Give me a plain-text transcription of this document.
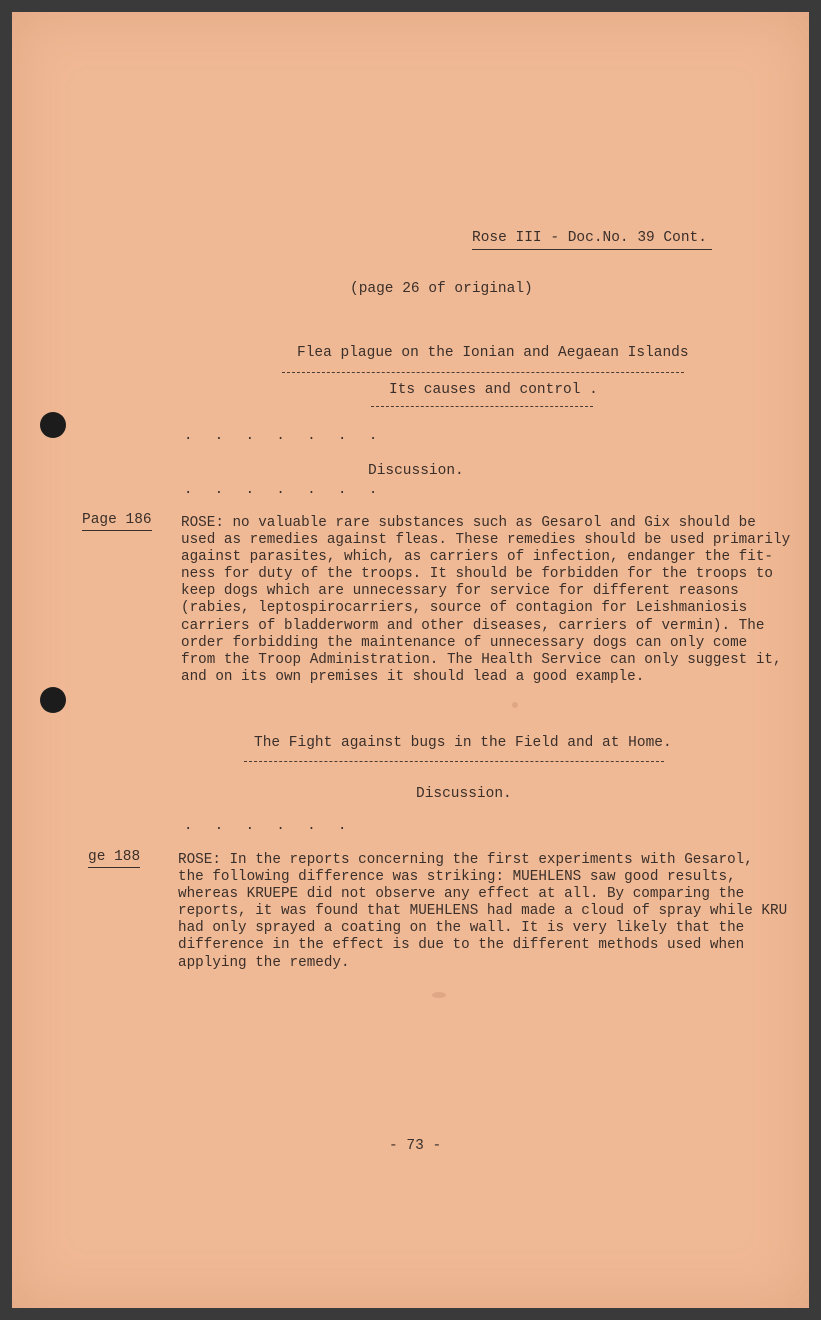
Rose III - Doc.No. 39 Cont.
(page 26 of original)
Flea plague on the Ionian and Aegaean Islands
Its causes and control .
. . . . . . .
Discussion.
. . . . . . .
Page 186 ROSE: no valuable rare substances such as Gesarol and Gix should be
used as remedies against fleas. These remedies should be used primarily
against parasites, which, as carriers of infection, endanger the fit-
ness for duty of the troops. It should be forbidden for the troops to
keep dogs which are unnecessary for service for different reasons
(rabies, leptospirocarriers, source of contagion for Leishmaniosis
carriers of bladderworm and other diseases, carriers of vermin). The
order forbidding the maintenance of unnecessary dogs can only come
from the Troop Administration. The Health Service can only suggest it,
and on its own premises it should lead a good example.
The Fight against bugs in the Field and at Home.
Discussion.
. . . . . .
ge 188	ROSE: In the reports concerning the first experiments with Gesarol,
the following difference was striking: MUEHLENS saw good results,
whereas KRUEPE did not observe any effect at all. By comparing the
reports, it was found that MUEHLENS had made a cloud of spray while KRU
had only sprayed a coating on the wall. It is very likely that the
difference in the effect is due to the different methods used when
applying the remedy.
- 73 -
